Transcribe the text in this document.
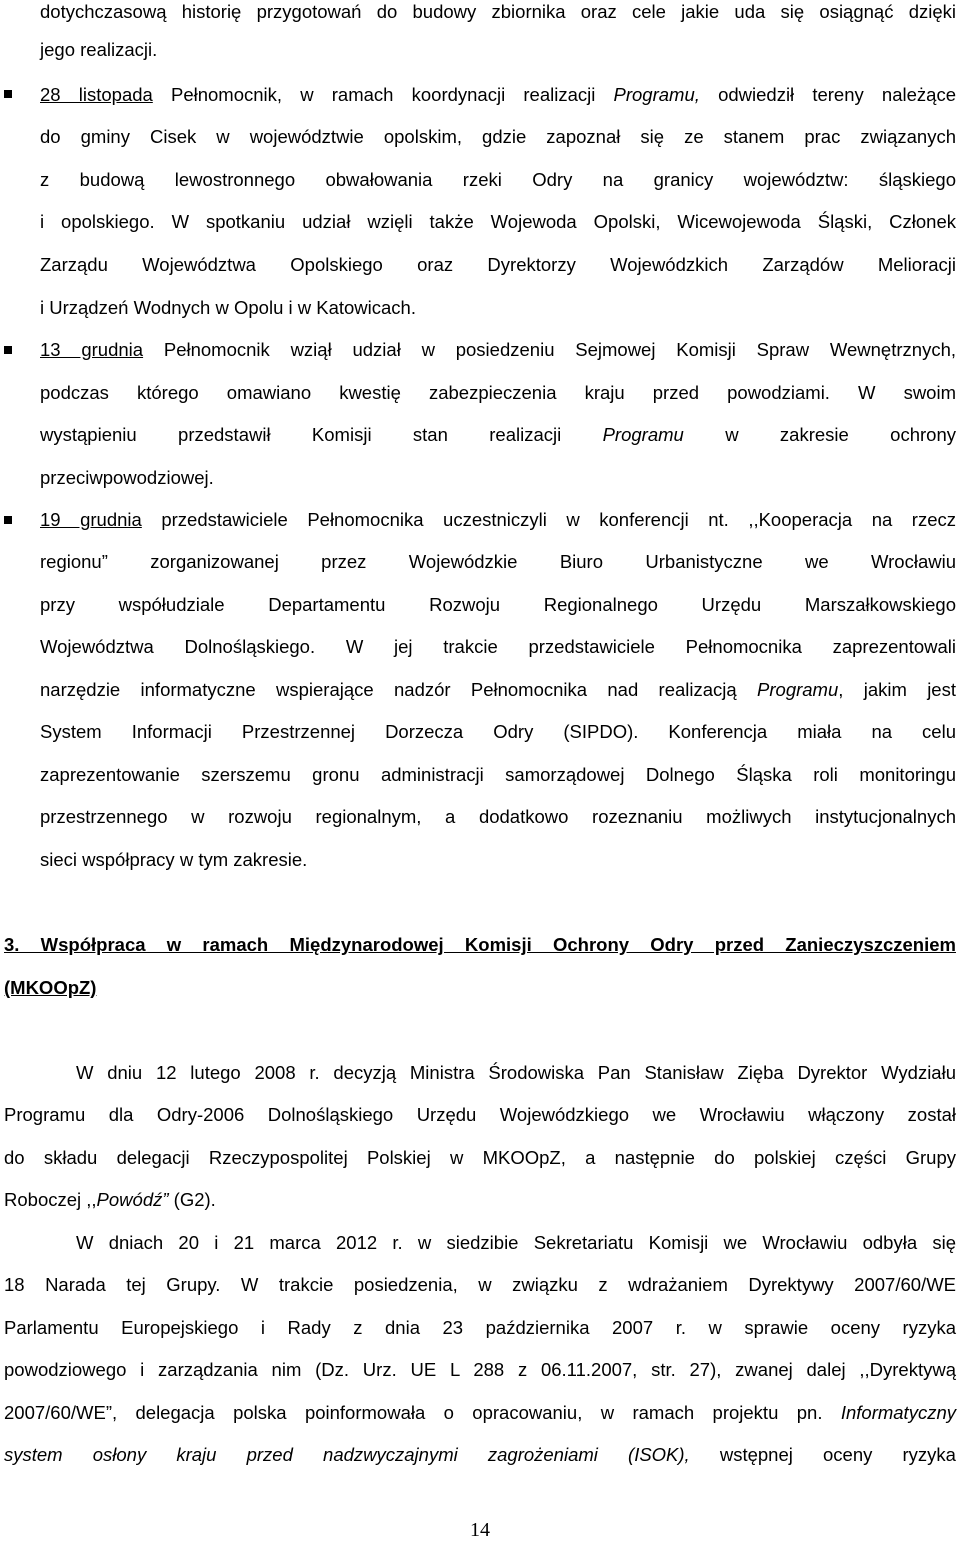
dotychczasową historię przygotowań do budowy zbiornika oraz cele jakie uda się osiągnąć dzięki
jego realizacji.
28 listopada Pełnomocnik, w ramach koordynacji realizacji Programu, odwiedził tereny należące
do gminy Cisek w województwie opolskim, gdzie zapoznał się ze stanem prac związanych
z budową lewostronnego obwałowania rzeki Odry na granicy województw: śląskiego
i opolskiego. W spotkaniu udział wzięli także Wojewoda Opolski, Wicewojewoda Śląski, Członek
Zarządu Województwa Opolskiego oraz Dyrektorzy Wojewódzkich Zarządów Melioracji
i Urządzeń Wodnych w Opolu i w Katowicach.
13 grudnia Pełnomocnik wziął udział w posiedzeniu Sejmowej Komisji Spraw Wewnętrznych,
podczas którego omawiano kwestię zabezpieczenia kraju przed powodziami. W swoim
wystąpieniu przedstawił Komisji stan realizacji Programu w zakresie ochrony
przeciwpowodziowej.
19 grudnia przedstawiciele Pełnomocnika uczestniczyli w konferencji nt. ,,Kooperacja na rzecz
regionu” zorganizowanej przez Wojewódzkie Biuro Urbanistyczne we Wrocławiu
przy współudziale Departamentu Rozwoju Regionalnego Urzędu Marszałkowskiego
Województwa Dolnośląskiego. W jej trakcie przedstawiciele Pełnomocnika zaprezentowali
narzędzie informatyczne wspierające nadzór Pełnomocnika nad realizacją Programu, jakim jest
System Informacji Przestrzennej Dorzecza Odry (SIPDO). Konferencja miała na celu
zaprezentowanie szerszemu gronu administracji samorządowej Dolnego Śląska roli monitoringu
przestrzennego w rozwoju regionalnym, a dodatkowo rozeznaniu możliwych instytucjonalnych
sieci współpracy w tym zakresie.
3. Współpraca w ramach Międzynarodowej Komisji Ochrony Odry przed Zanieczyszczeniem
(MKOOpZ)
W dniu 12 lutego 2008 r. decyzją Ministra Środowiska Pan Stanisław Zięba Dyrektor Wydziału
Programu dla Odry-2006 Dolnośląskiego Urzędu Wojewódzkiego we Wrocławiu włączony został
do składu delegacji Rzeczypospolitej Polskiej w MKOOpZ, a następnie do polskiej części Grupy
Roboczej ,,Powódź” (G2).
W dniach 20 i 21 marca 2012 r. w siedzibie Sekretariatu Komisji we Wrocławiu odbyła się
18 Narada tej Grupy. W trakcie posiedzenia, w związku z wdrażaniem Dyrektywy 2007/60/WE
Parlamentu Europejskiego i Rady z dnia 23 października 2007 r. w sprawie oceny ryzyka
powodziowego i zarządzania nim (Dz. Urz. UE L 288 z 06.11.2007, str. 27), zwanej dalej ,,Dyrektywą
2007/60/WE”, delegacja polska poinformowała o opracowaniu, w ramach projektu pn. Informatyczny
system osłony kraju przed nadzwyczajnymi zagrożeniami (ISOK), wstępnej oceny ryzyka
14
